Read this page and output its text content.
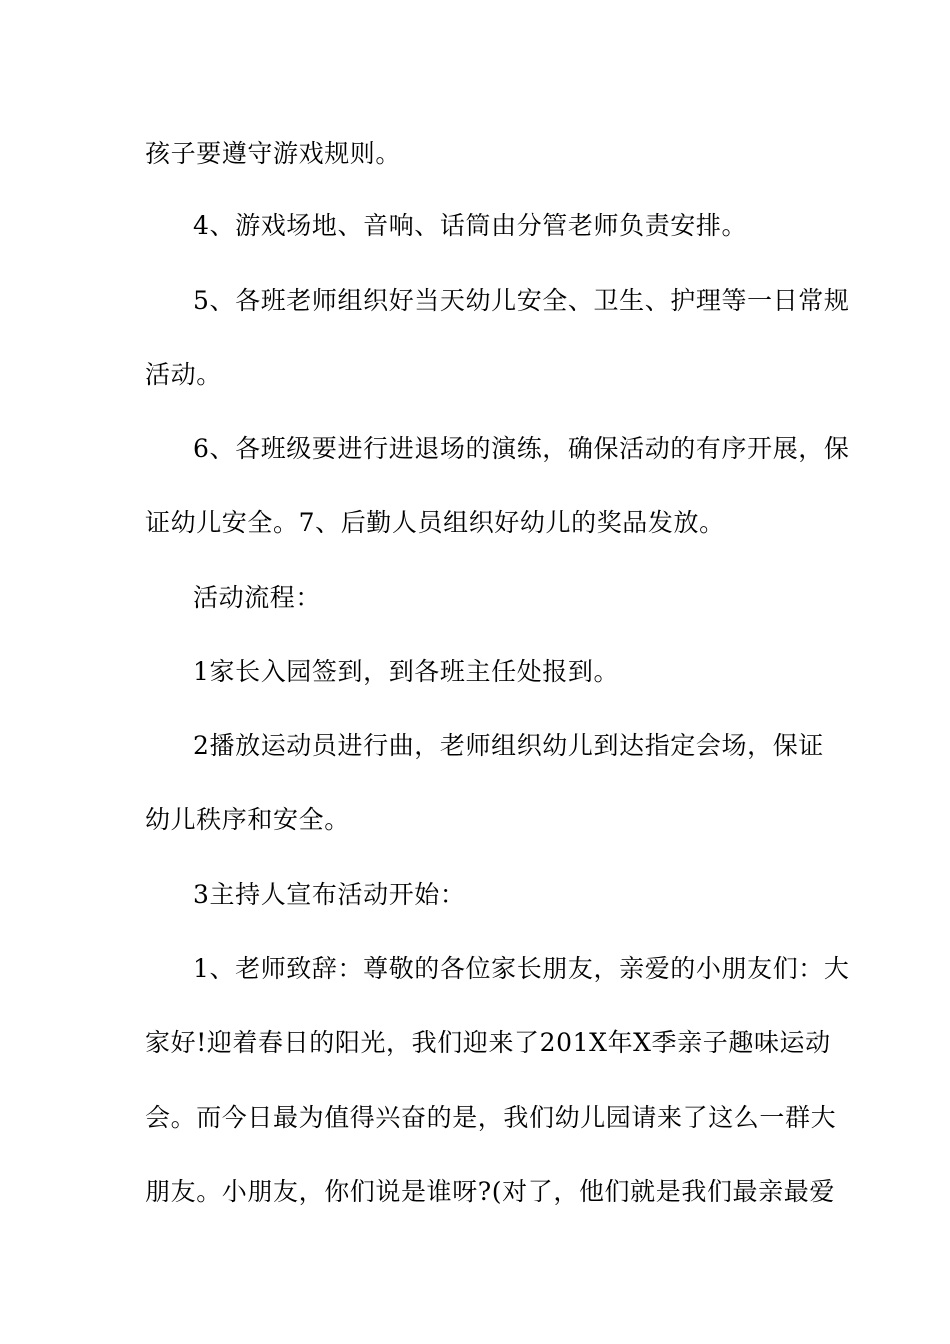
孩子要遵守游戏规则。
4、游戏场地、音响、话筒由分管老师负责安排。
5、各班老师组织好当天幼儿安全、卫生、护理等一日常规
活动。
6、各班级要进行进退场的演练，确保活动的有序开展，保
证幼儿安全。7、后勤人员组织好幼儿的奖品发放。
活动流程：
1家长入园签到，到各班主任处报到。
2播放运动员进行曲，老师组织幼儿到达指定会场，保证
幼儿秩序和安全。
3主持人宣布活动开始：
1、老师致辞：尊敬的各位家长朋友，亲爱的小朋友们：大
家好!迎着春日的阳光，我们迎来了201X年X季亲子趣味运动
会。而今日最为值得兴奋的是，我们幼儿园请来了这么一群大
朋友。小朋友，你们说是谁呀?(对了，他们就是我们最亲最爱
